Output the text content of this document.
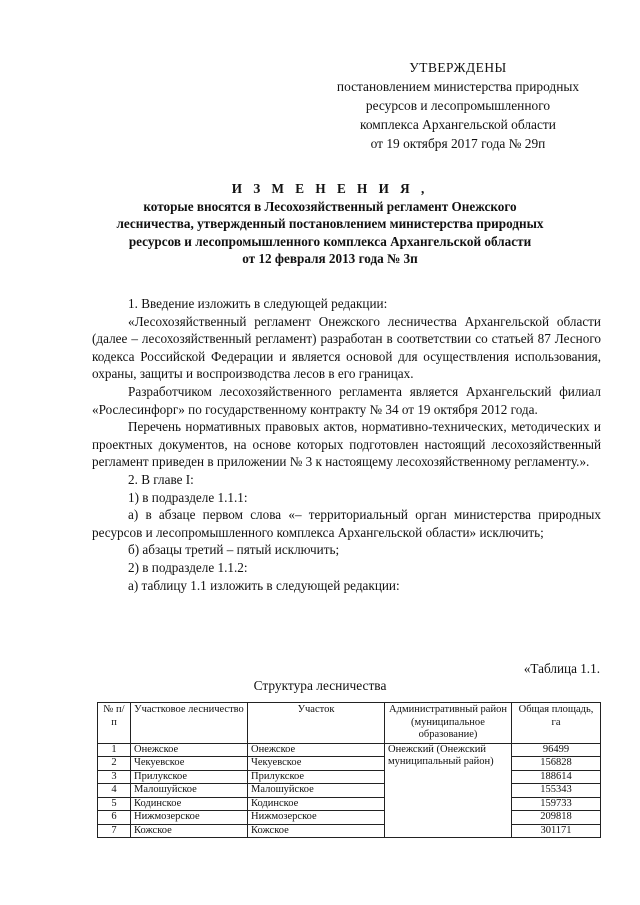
УТВЕРЖДЕНЫ
постановлением министерства природных
ресурсов и лесопромышленного
комплекса Архангельской области
от 19 октября 2017 года № 29п
И З М Е Н Е Н И Я ,
которые вносятся в Лесохозяйственный регламент Онежского
лесничества, утвержденный постановлением министерства природных
ресурсов и лесопромышленного комплекса Архангельской области
от 12 февраля 2013 года № 3п

1. Введение изложить в следующей редакции:

«Лесохозяйственный регламент Онежского лесничества Архангельской области (далее – лесохозяйственный регламент) разработан в соответствии со статьей 87 Лесного кодекса Российской Федерации и является основой для осуществления использования, охраны, защиты и воспроизводства лесов в его границах.

Разработчиком лесохозяйственного регламента является Архангельский филиал «Рослесинфорг» по государственному контракту № 34 от 19 октября 2012 года.

Перечень нормативных правовых актов, нормативно-технических, методических и проектных документов, на основе которых подготовлен настоящий лесохозяйственный регламент приведен в приложении № 3 к настоящему лесохозяйственному регламенту.».

2. В главе I:

1) в подразделе 1.1.1:

а) в абзаце первом слова «– территориальный орган министерства природных ресурсов и лесопромышленного комплекса Архангельской области» исключить;

б) абзацы третий – пятый исключить;

2) в подразделе 1.1.2:

а) таблицу 1.1 изложить в следующей редакции:

«Таблица 1.1.
Структура лесничества
№ п/п	Участковое лесничество	Участок	Административный район (муниципальное образование)	Общая площадь, га
1	Онежское	Онежское	Онежский (Онежский муниципальный район)	96499
2	Чекуевское	Чекуевское		156828
3	Прилукское	Прилукское		188614
4	Малошуйское	Малошуйское		155343
5	Кодинское	Кодинское		159733
6	Нижмозерское	Нижмозерское		209818
7	Кожское	Кожское		301171
